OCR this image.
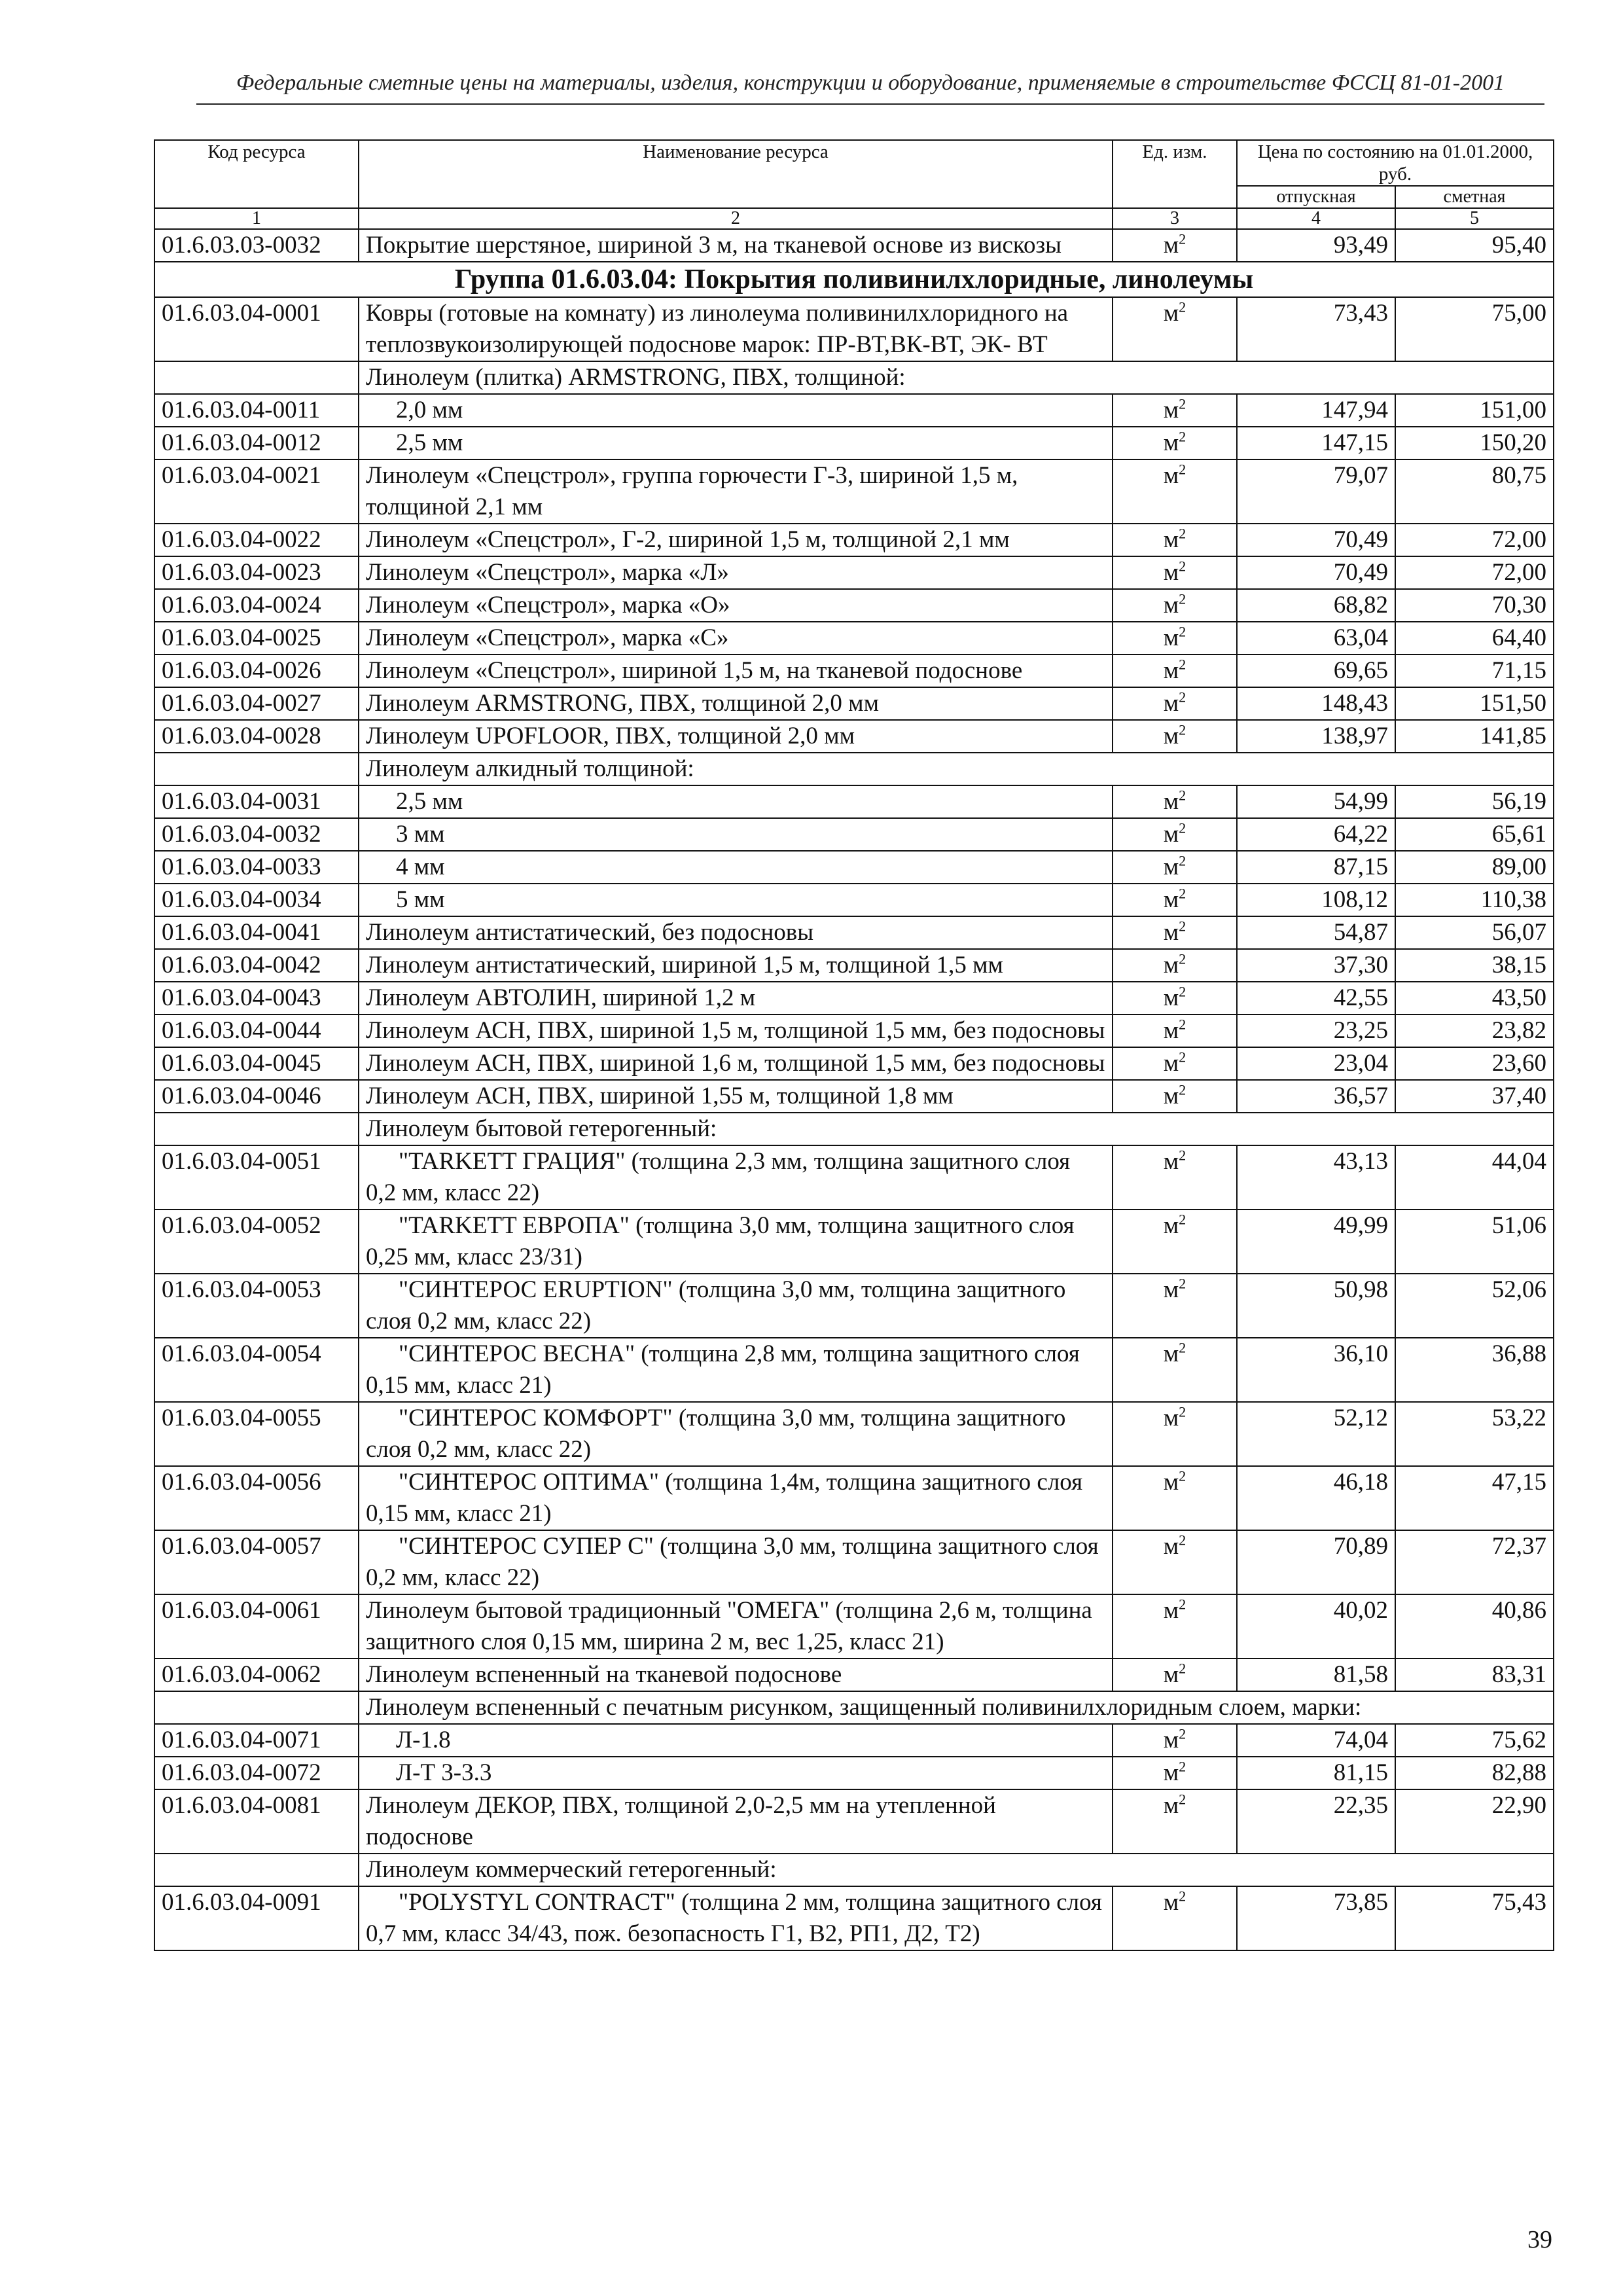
Федеральные сметные цены на материалы, изделия, конструкции и оборудование, применяемые в строительстве ФССЦ 81-01-2001
Код ресурса	Наименование ресурса	Ед. изм.	Цена по состоянию на 01.01.2000, руб.	
			отпускная	сметная
1	2	3	4	5
01.6.03.03-0032	Покрытие шерстяное, шириной 3 м, на тканевой основе из вискозы	$м^2$	93,49	95,40
Группа 01.6.03.04: Покрытия поливинилхлоридные, линолеумы				
01.6.03.04-0001	Ковры (готовые на комнату) из линолеума поливинилхлоридного на теплозвукоизолирующей подоснове марок: ПР-ВТ,ВК-ВТ, ЭК- ВТ	$м^2$	73,43	75,00
	Линолеум (плитка) ARMSTRONG, ПВХ, толщиной:			
01.6.03.04-0011	2,0 мм	$м^2$	147,94	151,00
01.6.03.04-0012	2,5 мм	$м^2$	147,15	150,20
01.6.03.04-0021	Линолеум «Спецстрол», группа горючести Г-3, шириной 1,5 м, толщиной 2,1 мм	$м^2$	79,07	80,75
01.6.03.04-0022	Линолеум «Спецстрол», Г-2, шириной 1,5 м, толщиной 2,1 мм	$м^2$	70,49	72,00
01.6.03.04-0023	Линолеум «Спецстрол», марка «Л»	$м^2$	70,49	72,00
01.6.03.04-0024	Линолеум «Спецстрол», марка «О»	$м^2$	68,82	70,30
01.6.03.04-0025	Линолеум «Спецстрол», марка «С»	$м^2$	63,04	64,40
01.6.03.04-0026	Линолеум «Спецстрол», шириной 1,5 м, на тканевой подоснове	$м^2$	69,65	71,15
01.6.03.04-0027	Линолеум ARMSTRONG, ПВХ, толщиной 2,0 мм	$м^2$	148,43	151,50
01.6.03.04-0028	Линолеум UPOFLOOR, ПВХ, толщиной 2,0 мм	$м^2$	138,97	141,85
	Линолеум алкидный толщиной:			
01.6.03.04-0031	2,5 мм	$м^2$	54,99	56,19
01.6.03.04-0032	3 мм	$м^2$	64,22	65,61
01.6.03.04-0033	4 мм	$м^2$	87,15	89,00
01.6.03.04-0034	5 мм	$м^2$	108,12	110,38
01.6.03.04-0041	Линолеум антистатический, без подосновы	$м^2$	54,87	56,07
01.6.03.04-0042	Линолеум антистатический, шириной 1,5 м, толщиной 1,5 мм	$м^2$	37,30	38,15
01.6.03.04-0043	Линолеум АВТОЛИН, шириной 1,2 м	$м^2$	42,55	43,50
01.6.03.04-0044	Линолеум АСН, ПВХ, шириной 1,5 м, толщиной 1,5 мм, без подосновы	$м^2$	23,25	23,82
01.6.03.04-0045	Линолеум АСН, ПВХ, шириной 1,6 м, толщиной 1,5 мм, без подосновы	$м^2$	23,04	23,60
01.6.03.04-0046	Линолеум АСН, ПВХ, шириной 1,55 м, толщиной 1,8 мм	$м^2$	36,57	37,40
	Линолеум бытовой гетерогенный:			
01.6.03.04-0051	"TARKETT ГРАЦИЯ" (толщина 2,3 мм, толщина защитного слоя 0,2 мм, класс 22)	$м^2$	43,13	44,04
01.6.03.04-0052	"TARKETT ЕВРОПА" (толщина 3,0 мм, толщина защитного слоя 0,25 мм, класс 23/31)	$м^2$	49,99	51,06
01.6.03.04-0053	"СИНТЕРОС ERUPTION" (толщина 3,0 мм, толщина защитного слоя 0,2 мм, класс 22)	$м^2$	50,98	52,06
01.6.03.04-0054	"СИНТЕРОС ВЕСНА" (толщина 2,8 мм, толщина защитного слоя 0,15 мм, класс 21)	$м^2$	36,10	36,88
01.6.03.04-0055	"СИНТЕРОС КОМФОРТ" (толщина 3,0 мм, толщина защитного слоя 0,2 мм, класс 22)	$м^2$	52,12	53,22
01.6.03.04-0056	"СИНТЕРОС ОПТИМА" (толщина 1,4м, толщина защитного слоя 0,15 мм, класс 21)	$м^2$	46,18	47,15
01.6.03.04-0057	"СИНТЕРОС СУПЕР С" (толщина 3,0 мм, толщина защитного слоя 0,2 мм, класс 22)	$м^2$	70,89	72,37
01.6.03.04-0061	Линолеум бытовой традиционный "ОМЕГА" (толщина 2,6 м, толщина защитного слоя 0,15 мм, ширина 2 м, вес 1,25, класс 21)	$м^2$	40,02	40,86
01.6.03.04-0062	Линолеум вспененный на тканевой подоснове	$м^2$	81,58	83,31
	Линолеум вспененный с печатным рисунком, защищенный поливинилхлоридным слоем, марки:			
01.6.03.04-0071	Л-1.8	$м^2$	74,04	75,62
01.6.03.04-0072	Л-Т 3-3.3	$м^2$	81,15	82,88
01.6.03.04-0081	Линолеум ДЕКОР, ПВХ, толщиной 2,0-2,5 мм на утепленной подоснове	$м^2$	22,35	22,90
	Линолеум коммерческий гетерогенный:			
01.6.03.04-0091	"POLYSTYL CONTRACT" (толщина 2 мм, толщина защитного слоя 0,7 мм, класс 34/43, пож. безопасность Г1, В2, РП1, Д2, Т2)	$м^2$	73,85	75,43
39
